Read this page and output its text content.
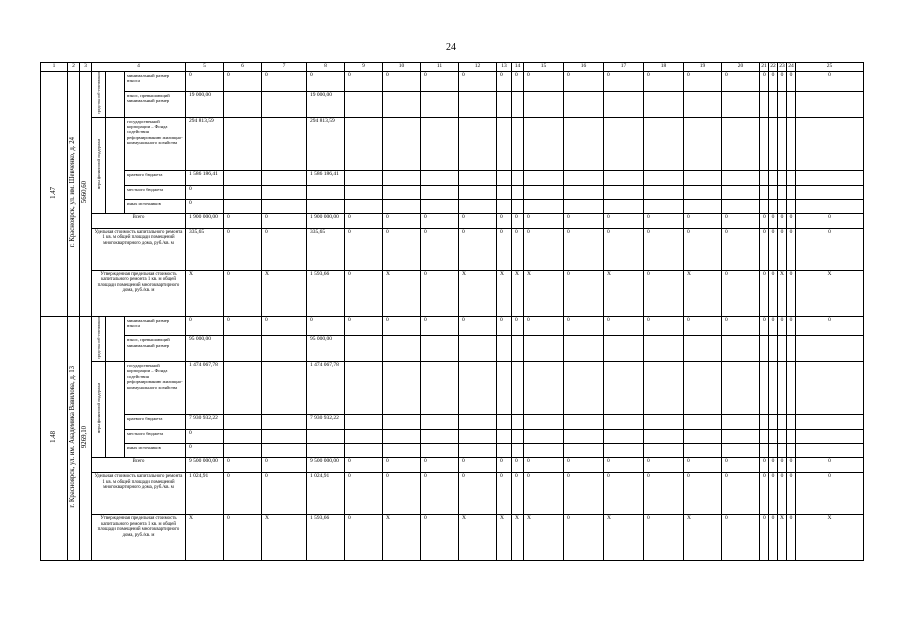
24
1	2	3	4			5	6	7	8	9	10	11	12	13	14	15	16	17	18	19	20	21	22	23	24	25
1.47	г. Красноярск, ул. им. Шевченко, д. 24	5660,60	средства соб-ственников		минимальный размер взноса	0	0	0	0	0	0	0	0	0	0	0	0	0	0	0	0	0	0	0	0	0
					взнос, превышающий минимальный размер	19 000,00			19 000,00																	
			меры финансовой поддержки		государственной корпорации – Фонда содействия реформированию жилищно-коммунального хозяйства	294 813,59			294 813,59																	
					краевого бюджета	1 586 186,41			1 586 186,41																	
					местного бюджета	0																				
					иных источников	0																				
			Всего			1 900 000,00	0	0	1 900 000,00	0	0	0	0	0	0	0	0	0	0	0	0	0	0	0	0	0
			Удельная стоимость капитального ремонта 1 кв. м общей площади помещений многоквартирного дома, руб./кв. м			335,65	0	0	335,65	0	0	0	0	0	0	0	0	0	0	0	0	0	0	0	0	0
			Утвержденная предельная стоимость капитального ремонта 1 кв. м общей площади помещений многоквартирного дома, руб./кв. м			Х	0	Х	1 593,66	0	Х	0	Х	Х	Х	Х	0	Х	0	Х	0	0	0	Х	0	Х
1.48	г. Красноярск, ул. им. Академика Вавилова, д. 13	9269,10	средства соб-ственников		минимальный размер взноса	0	0	0	0	0	0	0	0	0	0	0	0	0	0	0	0	0	0	0	0	0
					взнос, превышающий минимальный размер	95 000,00			95 000,00																	
			меры финансовой поддержки		государственной корпорации – Фонда содействия реформированию жилищно-коммунального хозяйства	1 474 067,78			1 474 067,78																	
					краевого бюджета	7 930 932,22			7 930 932,22																	
					местного бюджета	0																				
					иных источников	0																				
			Всего			9 500 000,00	0	0	9 500 000,00	0	0	0	0	0	0	0	0	0	0	0	0	0	0	0	0	0
			Удельная стоимость капитального ремонта 1 кв. м общей площади помещений многоквартирного дома, руб./кв. м			1 024,91	0	0	1 024,91	0	0	0	0	0	0	0	0	0	0	0	0	0	0	0	0	0
			Утвержденная предельная стоимость капитального ремонта 1 кв. м общей площади помещений многоквартирного дома, руб./кв. м			Х	0	Х	1 593,66	0	Х	0	Х	Х	Х	Х	0	Х	0	Х	0	0	0	Х	0	Х
